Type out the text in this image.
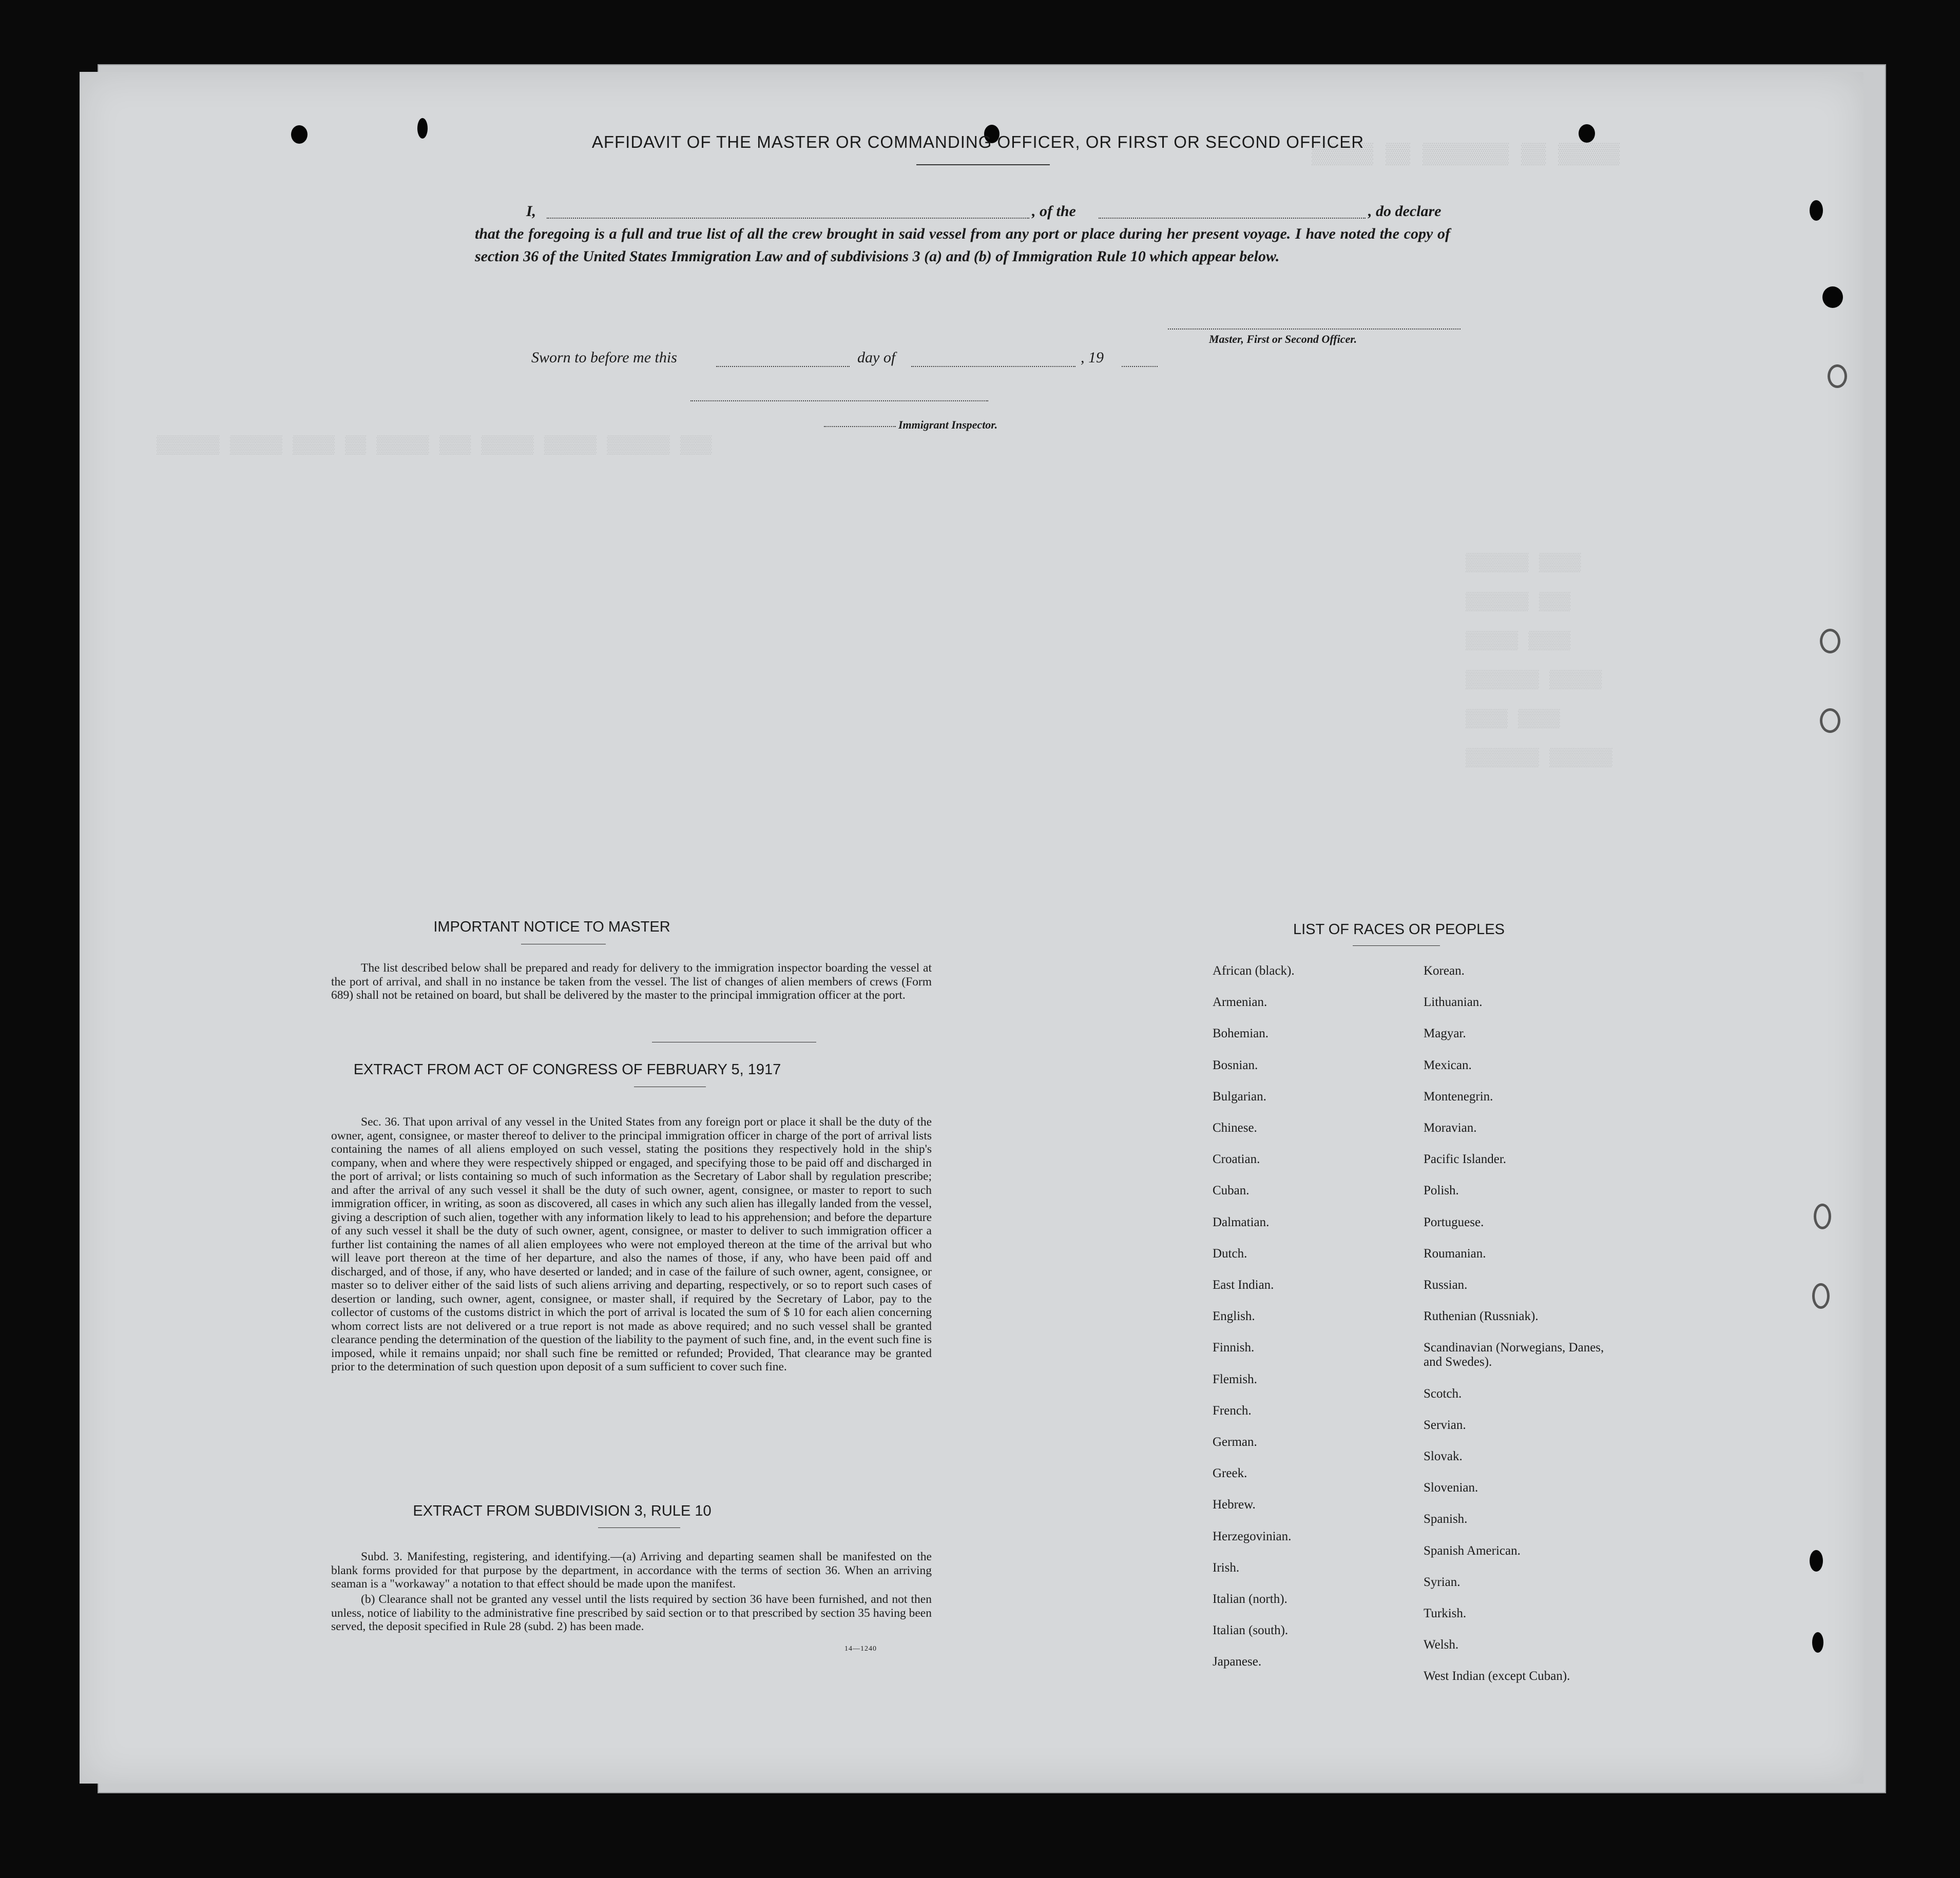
▒▒▒▒▒ ▒▒ ▒▒▒▒▒▒▒ ▒▒ ▒▒▒▒▒
▒▒▒▒▒▒ ▒▒▒▒▒ ▒▒▒▒ ▒▒ ▒▒▒▒▒ ▒▒▒ ▒▒▒▒▒ ▒▒▒▒▒ ▒▒▒▒▒▒ ▒▒▒
▒▒▒▒▒▒ ▒▒▒▒
▒▒▒▒▒▒ ▒▒▒
▒▒▒▒▒ ▒▒▒▒
▒▒▒▒▒▒▒ ▒▒▒▒▒
▒▒▒▒ ▒▒▒▒
▒▒▒▒▒▒▒ ▒▒▒▒▒▒
AFFIDAVIT OF THE MASTER OR COMMANDING OFFICER, OR FIRST OR SECOND OFFICER
I,	, of the	, do declare
that the foregoing is a full and true list of all the crew brought in said vessel from any port or place during her present voyage. I have noted the copy of section 36 of the United States Immigration Law and of subdivisions 3 (a) and (b) of Immigration Rule 10 which appear below.
Master, First or Second Officer.
Sworn to before me this	day of	, 19
Immigrant Inspector.
IMPORTANT NOTICE TO MASTER
The list described below shall be prepared and ready for delivery to the immigration inspector boarding the vessel at the port of arrival, and shall in no instance be taken from the vessel. The list of changes of alien members of crews (Form 689) shall not be retained on board, but shall be delivered by the master to the principal immigration officer at the port.
EXTRACT FROM ACT OF CONGRESS OF FEBRUARY 5, 1917
Sec. 36. That upon arrival of any vessel in the United States from any foreign port or place it shall be the duty of the owner, agent, consignee, or master thereof to deliver to the principal immigration officer in charge of the port of arrival lists containing the names of all aliens employed on such vessel, stating the positions they respectively hold in the ship's company, when and where they were respectively shipped or engaged, and specifying those to be paid off and discharged in the port of arrival; or lists containing so much of such information as the Secretary of Labor shall by regulation prescribe; and after the arrival of any such vessel it shall be the duty of such owner, agent, consignee, or master to report to such immigration officer, in writing, as soon as discovered, all cases in which any such alien has illegally landed from the vessel, giving a description of such alien, together with any information likely to lead to his apprehension; and before the departure of any such vessel it shall be the duty of such owner, agent, consignee, or master to deliver to such immigration officer a further list containing the names of all alien employees who were not employed thereon at the time of the arrival but who will leave port thereon at the time of her departure, and also the names of those, if any, who have been paid off and discharged, and of those, if any, who have deserted or landed; and in case of the failure of such owner, agent, consignee, or master so to deliver either of the said lists of such aliens arriving and departing, respectively, or so to report such cases of desertion or landing, such owner, agent, consignee, or master shall, if required by the Secretary of Labor, pay to the collector of customs of the customs district in which the port of arrival is located the sum of $ 10 for each alien concerning whom correct lists are not delivered or a true report is not made as above required; and no such vessel shall be granted clearance pending the determination of the question of the liability to the payment of such fine, and, in the event such fine is imposed, while it remains unpaid; nor shall such fine be remitted or refunded; Provided, That clearance may be granted prior to the determination of such question upon deposit of a sum sufficient to cover such fine.
EXTRACT FROM SUBDIVISION 3, RULE 10
Subd. 3. Manifesting, registering, and identifying.—(a) Arriving and departing seamen shall be manifested on the blank forms provided for that purpose by the department, in accordance with the terms of section 36. When an arriving seaman is a "workaway" a notation to that effect should be made upon the manifest.
(b) Clearance shall not be granted any vessel until the lists required by section 36 have been furnished, and not then unless, notice of liability to the administrative fine prescribed by said section or to that prescribed by section 35 having been served, the deposit specified in Rule 28 (subd. 2) has been made.
14—1240
LIST OF RACES OR PEOPLES
African (black).
Armenian.
Bohemian.
Bosnian.
Bulgarian.
Chinese.
Croatian.
Cuban.
Dalmatian.
Dutch.
East Indian.
English.
Finnish.
Flemish.
French.
German.
Greek.
Hebrew.
Herzegovinian.
Irish.
Italian (north).
Italian (south).
Japanese.
Korean.
Lithuanian.
Magyar.
Mexican.
Montenegrin.
Moravian.
Pacific Islander.
Polish.
Portuguese.
Roumanian.
Russian.
Ruthenian (Russniak).
Scandinavian (Norwegians, Danes, and Swedes).
Scotch.
Servian.
Slovak.
Slovenian.
Spanish.
Spanish American.
Syrian.
Turkish.
Welsh.
West Indian (except Cuban).
